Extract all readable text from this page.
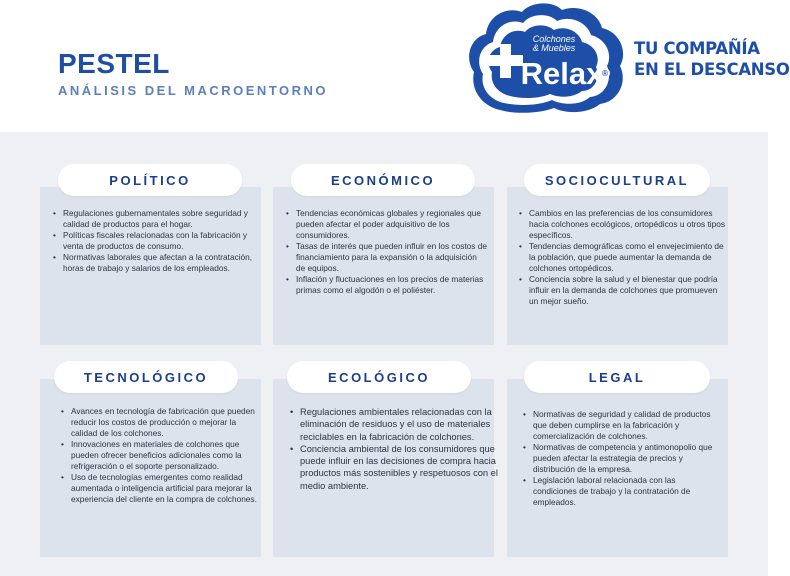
PESTEL

ANÁLISIS DEL MACROENTORNO

®
Colchones
& Muebles
Relax
TU COMPAÑÍA
EN EL DESCANSO
POLÍTICO
• Regulaciones gubernamentales sobre seguridad y calidad de productos para el hogar.
• Políticas fiscales relacionadas con la fabricación y venta de productos de consumo.
• Normativas laborales que afectan a la contratación, horas de trabajo y salarios de los empleados.
ECONÓMICO
• Tendencias económicas globales y regionales que pueden afectar el poder adquisitivo de los consumidores.
• Tasas de interés que pueden influir en los costos de financiamiento para la expansión o la adquisición de equipos.
• Inflación y fluctuaciones en los precios de materias primas como el algodón o el poliéster.
SOCIOCULTURAL
• Cambios en las preferencias de los consumidores hacia colchones ecológicos, ortopédicos u otros tipos específicos.
• Tendencias demográficas como el envejecimiento de la población, que puede aumentar la demanda de colchones ortopédicos.
• Conciencia sobre la salud y el bienestar que podría influir en la demanda de colchones que promueven un mejor sueño.
TECNOLÓGICO
• Avances en tecnología de fabricación que pueden reducir los costos de producción o mejorar la calidad de los colchones.
• Innovaciones en materiales de colchones que pueden ofrecer beneficios adicionales como la refrigeración o el soporte personalizado.
• Uso de tecnologías emergentes como realidad aumentada o inteligencia artificial para mejorar la experiencia del cliente en la compra de colchones.
ECOLÓGICO
• Regulaciones ambientales relacionadas con la eliminación de residuos y el uso de materiales reciclables en la fabricación de colchones.
• Conciencia ambiental de los consumidores que puede influir en las decisiones de compra hacia productos más sostenibles y respetuosos con el medio ambiente.
LEGAL
• Normativas de seguridad y calidad de productos que deben cumplirse en la fabricación y comercialización de colchones.
• Normativas de competencia y antimonopolio que pueden afectar la estrategia de precios y distribución de la empresa.
• Legislación laboral relacionada con las condiciones de trabajo y la contratación de empleados.
